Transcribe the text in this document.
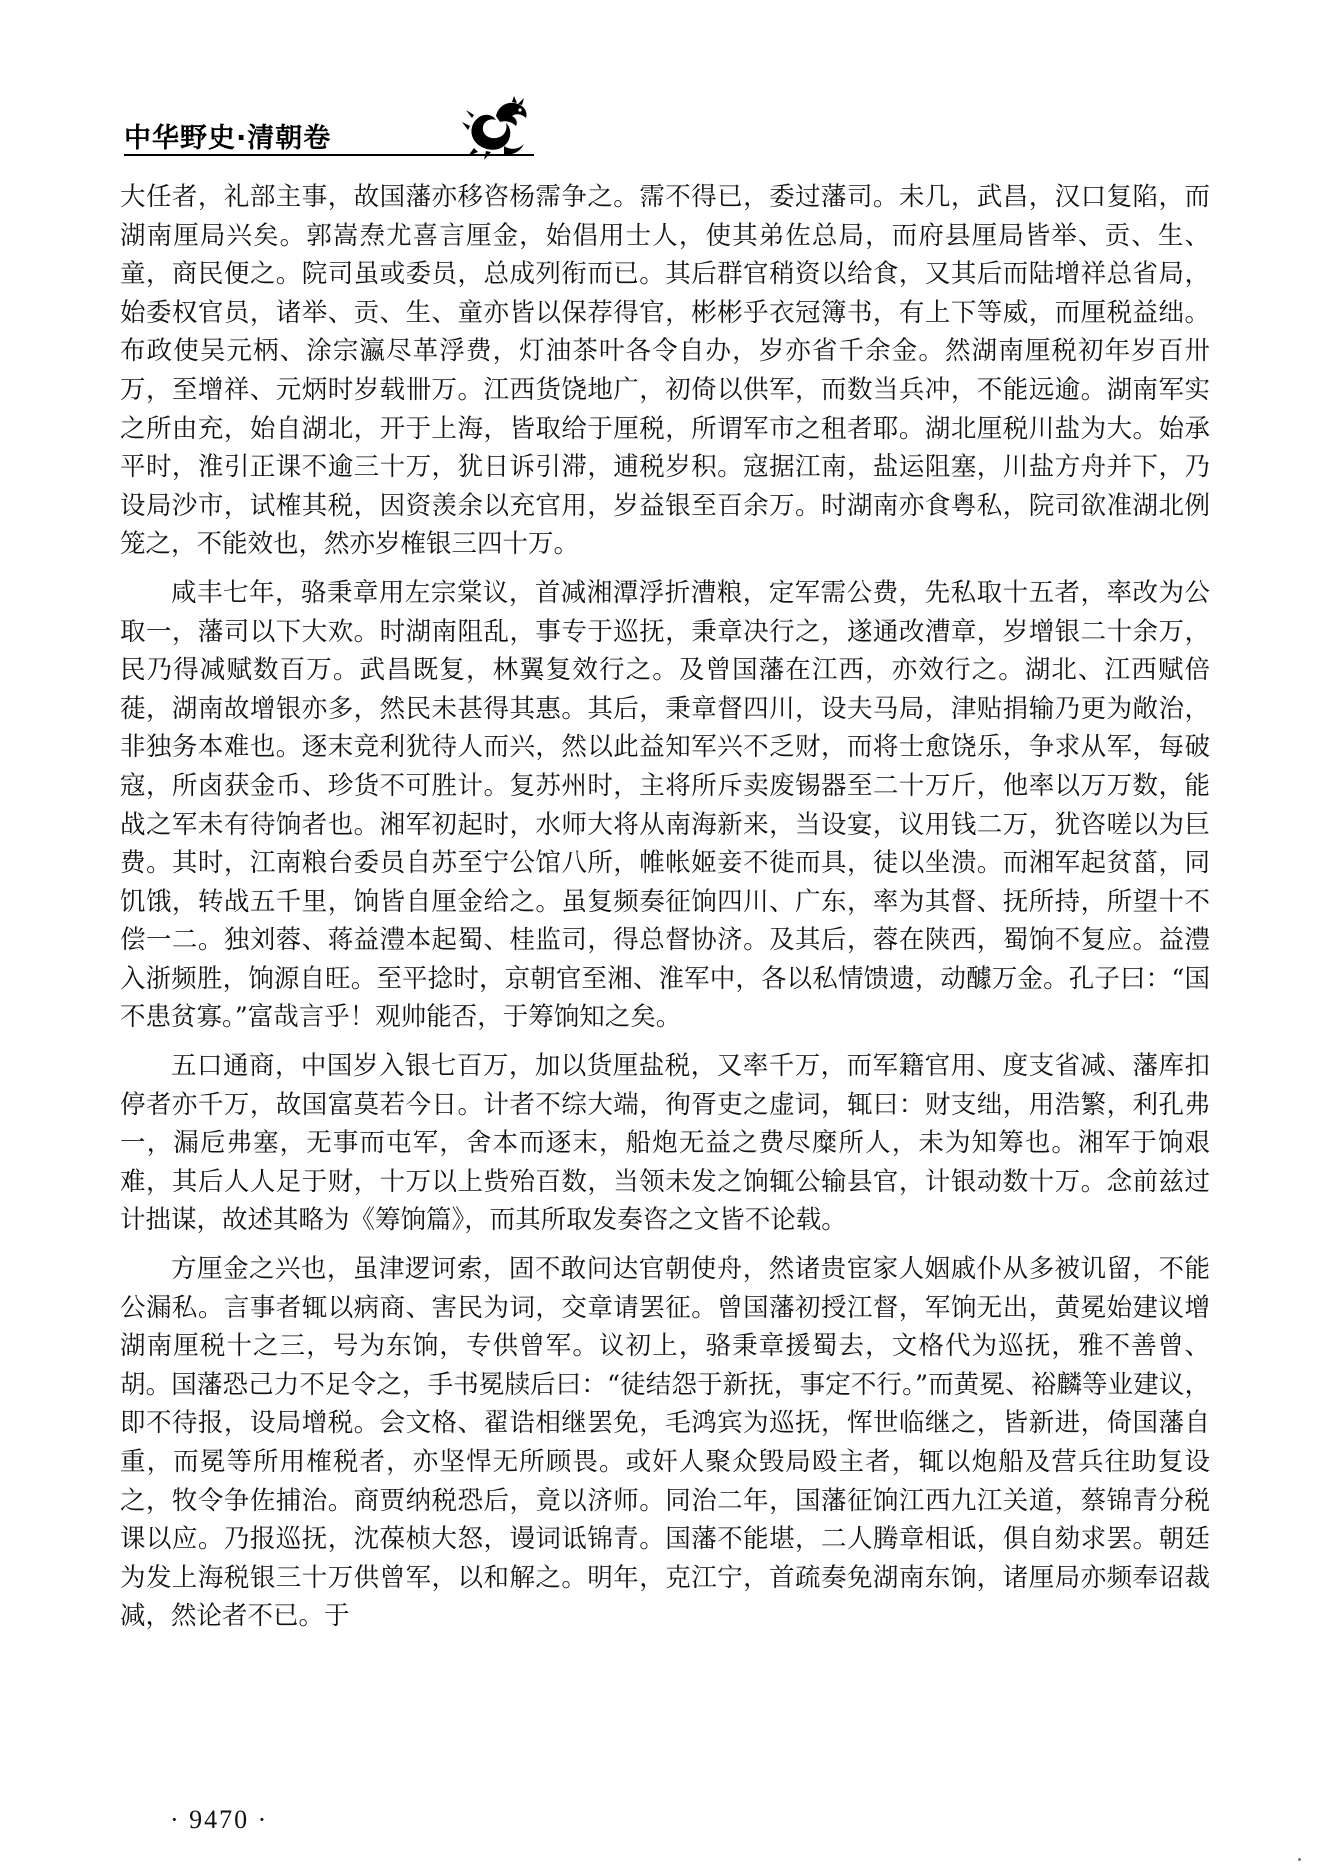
中华野史·清朝卷

大任者，礼部主事，故国藩亦移咨杨霈争之。霈不得已，委过藩司。未几，武昌，汉口复陷，而湖南厘局兴矣。郭嵩焘尤喜言厘金，始倡用士人，使其弟佐总局，而府县厘局皆举、贡、生、童，商民便之。院司虽或委员，总成列衔而已。其后群官稍资以给食，又其后而陆增祥总省局，始委权官员，诸举、贡、生、童亦皆以保荐得官，彬彬乎衣冠簿书，有上下等威，而厘税益绌。布政使吴元柄、涂宗瀛尽革浮费，灯油茶叶各令自办，岁亦省千余金。然湖南厘税初年岁百卅万，至增祥、元炳时岁载卌万。江西货饶地广，初倚以供军，而数当兵冲，不能远逾。湖南军实之所由充，始自湖北，开于上海，皆取给于厘税，所谓军市之租者耶。湖北厘税川盐为大。始承平时，淮引正课不逾三十万，犹日诉引滞，逋税岁积。寇据江南，盐运阻塞，川盐方舟并下，乃设局沙市，试榷其税，因资羡余以充官用，岁益银至百余万。时湖南亦食粤私，院司欲准湖北例笼之，不能效也，然亦岁榷银三四十万。

咸丰七年，骆秉章用左宗棠议，首减湘潭浮折漕粮，定军需公费，先私取十五者，率改为公取一，藩司以下大欢。时湖南阻乱，事专于巡抚，秉章决行之，遂通改漕章，岁增银二十余万，民乃得减赋数百万。武昌既复，林翼复效行之。及曾国藩在江西，亦效行之。湖北、江西赋倍蓰，湖南故增银亦多，然民未甚得其惠。其后，秉章督四川，设夫马局，津贴捐输乃更为敞治，非独务本难也。逐末竞利犹待人而兴，然以此益知军兴不乏财，而将士愈饶乐，争求从军，每破寇，所卤获金币、珍货不可胜计。复苏州时，主将所斥卖废锡器至二十万斤，他率以万万数，能战之军未有待饷者也。湘军初起时，水师大将从南海新来，当设宴，议用钱二万，犹咨嗟以为巨费。其时，江南粮台委员自苏至宁公馆八所，帷帐姬妾不徙而具，徒以坐溃。而湘军起贫菑，同饥饿，转战五千里，饷皆自厘金给之。虽复频奏征饷四川、广东，率为其督、抚所持，所望十不偿一二。独刘蓉、蒋益澧本起蜀、桂监司，得总督协济。及其后，蓉在陕西，蜀饷不复应。益澧入浙频胜，饷源自旺。至平捻时，京朝官至湘、淮军中，各以私情馈遗，动醵万金。孔子曰：“国不患贫寡。”富哉言乎！观帅能否，于筹饷知之矣。

五口通商，中国岁入银七百万，加以货厘盐税，又率千万，而军籍官用、度支省减、藩库扣停者亦千万，故国富莫若今日。计者不综大端，徇胥吏之虚词，辄曰：财支绌，用浩繁，利孔弗一，漏卮弗塞，无事而屯军，舍本而逐末，船炮无益之费尽糜所人，未为知筹也。湘军于饷艰难，其后人人足于财，十万以上赀殆百数，当领未发之饷辄公输县官，计银动数十万。念前兹过计拙谋，故述其略为《筹饷篇》，而其所取发奏咨之文皆不论载。

方厘金之兴也，虽津逻诃索，固不敢问达官朝使舟，然诸贵宦家人姻戚仆从多被讥留，不能公漏私。言事者辄以病商、害民为词，交章请罢征。曾国藩初授江督，军饷无出，黄冕始建议增湖南厘税十之三，号为东饷，专供曾军。议初上，骆秉章援蜀去，文格代为巡抚，雅不善曾、胡。国藩恐己力不足令之，手书冕牍后曰：“徒结怨于新抚，事定不行。”而黄冕、裕麟等业建议，即不待报，设局增税。会文格、翟诰相继罢免，毛鸿宾为巡抚，恽世临继之，皆新进，倚国藩自重，而冕等所用榷税者，亦坚悍无所顾畏。或奸人聚众毁局殴主者，辄以炮船及营兵往助复设之，牧令争佐捕治。商贾纳税恐后，竟以济师。同治二年，国藩征饷江西九江关道，蔡锦青分税课以应。乃报巡抚，沈葆桢大怒，谩词诋锦青。国藩不能堪，二人腾章相诋，俱自劾求罢。朝廷为发上海税银三十万供曾军，以和解之。明年，克江宁，首疏奏免湖南东饷，诸厘局亦频奉诏裁减，然论者不已。于

· 9470 ·
